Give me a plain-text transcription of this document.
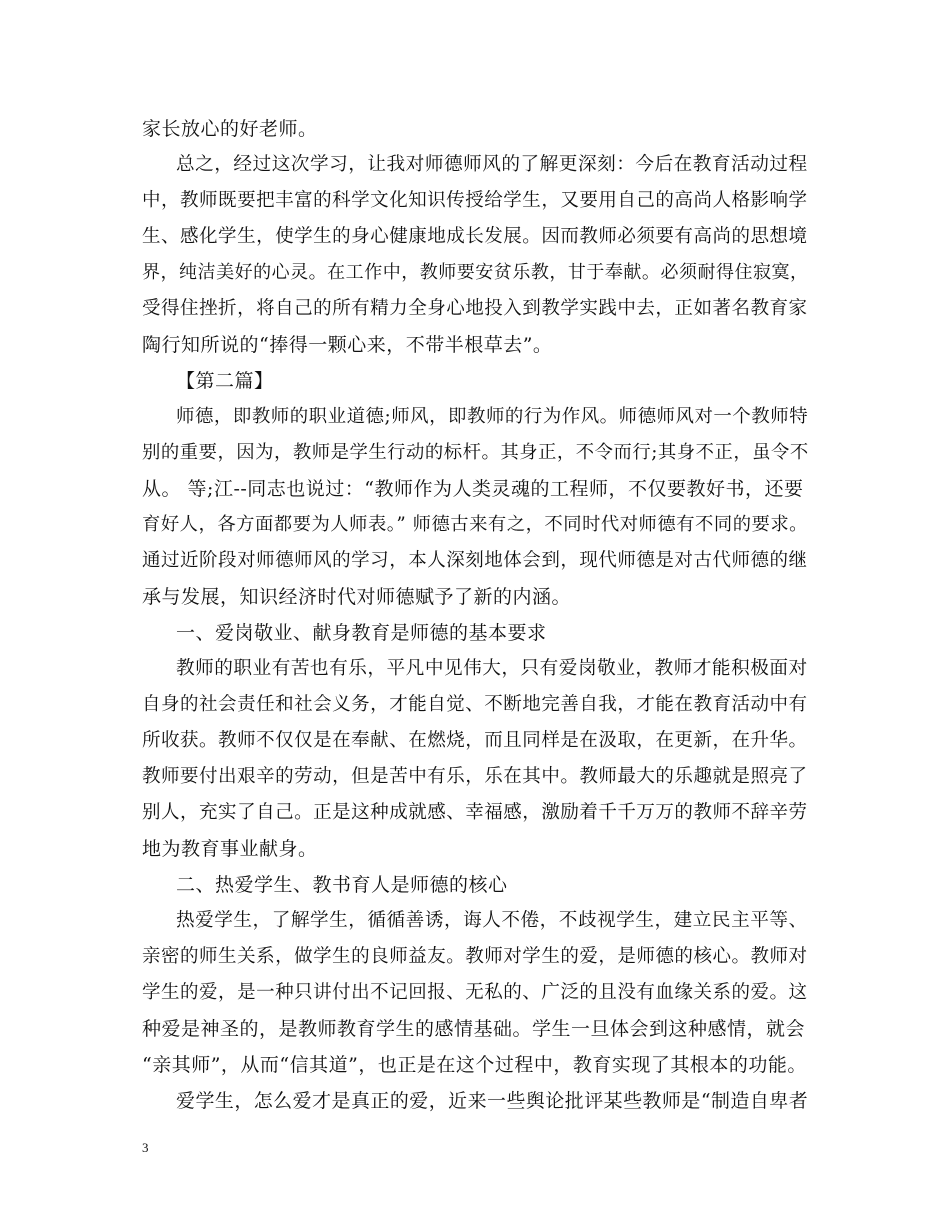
家长放心的好老师。
总之，经过这次学习，让我对师德师风的了解更深刻：今后在教育活动过程
中，教师既要把丰富的科学文化知识传授给学生，又要用自己的高尚人格影响学
生、感化学生，使学生的身心健康地成长发展。因而教师必须要有高尚的思想境
界，纯洁美好的心灵。在工作中，教师要安贫乐教，甘于奉献。必须耐得住寂寞，
受得住挫折，将自己的所有精力全身心地投入到教学实践中去，正如著名教育家
陶行知所说的“捧得一颗心来，不带半根草去”。
【第二篇】
师德，即教师的职业道德;师风，即教师的行为作风。师德师风对一个教师特
别的重要，因为，教师是学生行动的标杆。其身正，不令而行;其身不正，虽令不
从。 等;江--同志也说过：“教师作为人类灵魂的工程师，不仅要教好书，还要
育好人，各方面都要为人师表。” 师德古来有之，不同时代对师德有不同的要求。
通过近阶段对师德师风的学习，本人深刻地体会到，现代师德是对古代师德的继
承与发展，知识经济时代对师德赋予了新的内涵。
一、爱岗敬业、献身教育是师德的基本要求
教师的职业有苦也有乐，平凡中见伟大，只有爱岗敬业，教师才能积极面对
自身的社会责任和社会义务，才能自觉、不断地完善自我，才能在教育活动中有
所收获。教师不仅仅是在奉献、在燃烧，而且同样是在汲取，在更新，在升华。
教师要付出艰辛的劳动，但是苦中有乐，乐在其中。教师最大的乐趣就是照亮了
别人，充实了自己。正是这种成就感、幸福感，激励着千千万万的教师不辞辛劳
地为教育事业献身。
二、热爱学生、教书育人是师德的核心
热爱学生，了解学生，循循善诱，诲人不倦，不歧视学生，建立民主平等、
亲密的师生关系，做学生的良师益友。教师对学生的爱，是师德的核心。教师对
学生的爱，是一种只讲付出不记回报、无私的、广泛的且没有血缘关系的爱。这
种爱是神圣的，是教师教育学生的感情基础。学生一旦体会到这种感情，就会
“亲其师”，从而“信其道”，也正是在这个过程中，教育实现了其根本的功能。
爱学生，怎么爱才是真正的爱，近来一些舆论批评某些教师是“制造自卑者
3
